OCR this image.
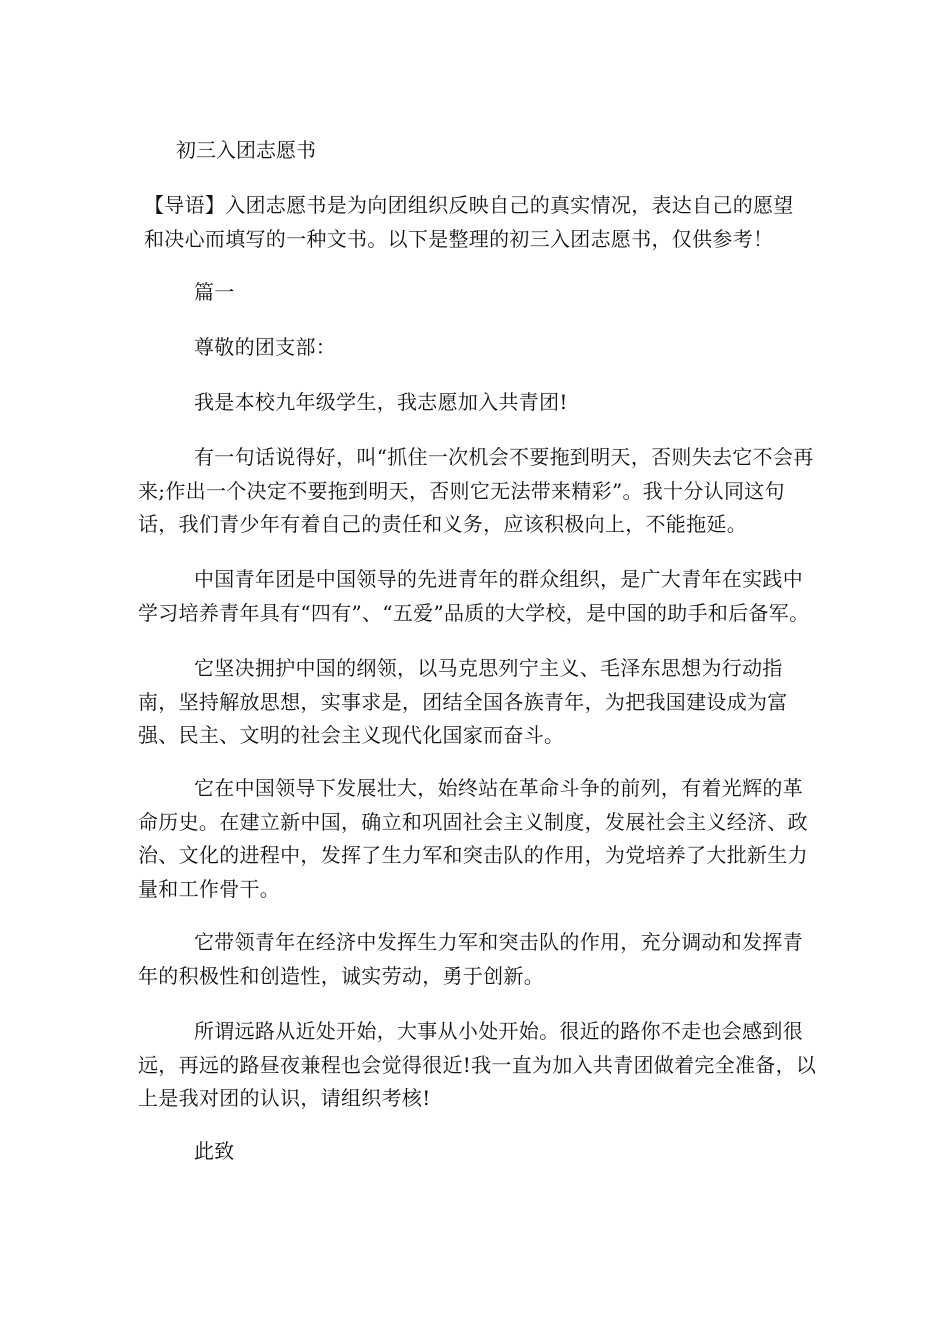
初三入团志愿书

【导语】入团志愿书是为向团组织反映自己的真实情况，表达自己的愿望和决心而填写的一种文书。以下是整理的初三入团志愿书，仅供参考！

篇一

尊敬的团支部：

我是本校九年级学生，我志愿加入共青团!

有一句话说得好，叫“抓住一次机会不要拖到明天，否则失去它不会再来;作出一个决定不要拖到明天，否则它无法带来精彩”。我十分认同这句话，我们青少年有着自己的责任和义务，应该积极向上，不能拖延。

中国青年团是中国领导的先进青年的群众组织，是广大青年在实践中学习培养青年具有“四有”、“五爱”品质的大学校，是中国的助手和后备军。

它坚决拥护中国的纲领，以马克思列宁主义、毛泽东思想为行动指南，坚持解放思想，实事求是，团结全国各族青年，为把我国建设成为富强、民主、文明的社会主义现代化国家而奋斗。

它在中国领导下发展壮大，始终站在革命斗争的前列，有着光辉的革命历史。在建立新中国，确立和巩固社会主义制度，发展社会主义经济、政治、文化的进程中，发挥了生力军和突击队的作用，为党培养了大批新生力量和工作骨干。

它带领青年在经济中发挥生力军和突击队的作用，充分调动和发挥青年的积极性和创造性，诚实劳动，勇于创新。

所谓远路从近处开始，大事从小处开始。很近的路你不走也会感到很远，再远的路昼夜兼程也会觉得很近!我一直为加入共青团做着完全准备，以上是我对团的认识，请组织考核!

此致
